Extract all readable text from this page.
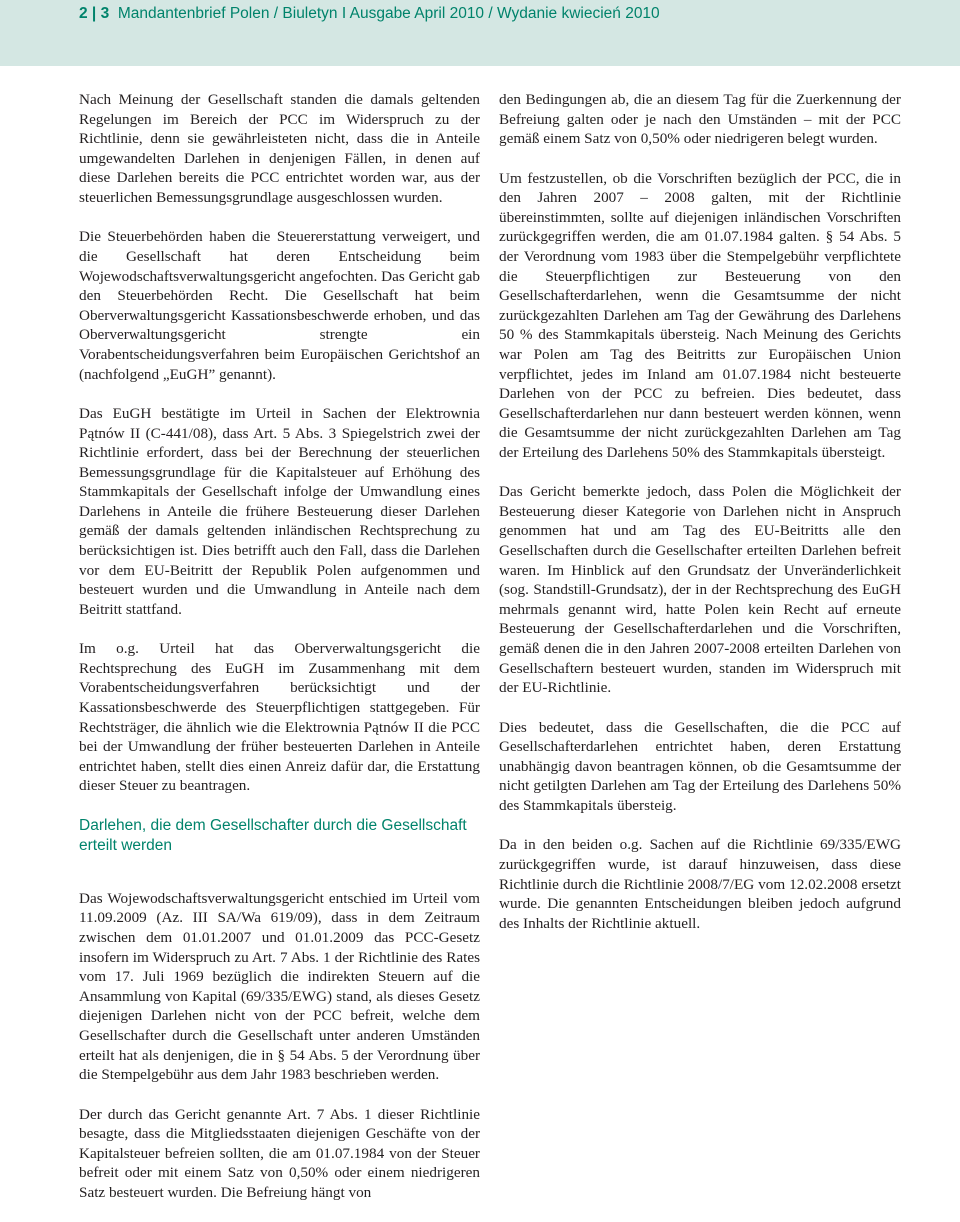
2 | 3 Mandantenbrief Polen / Biuletyn I Ausgabe April 2010 / Wydanie kwiecień 2010

Nach Meinung der Gesellschaft standen die damals geltenden Regelungen im Bereich der PCC im Widerspruch zu der Richtlinie, denn sie gewährleisteten nicht, dass die in Anteile umgewandelten Darlehen in denjenigen Fällen, in denen auf diese Darlehen bereits die PCC entrichtet worden war, aus der steuerlichen Bemessungsgrundlage ausgeschlossen wurden.

Die Steuerbehörden haben die Steuererstattung verweigert, und die Gesellschaft hat deren Entscheidung beim Wojewodschaftsverwaltungsgericht angefochten. Das Gericht gab den Steuerbehörden Recht. Die Gesellschaft hat beim Oberverwaltungsgericht Kassationsbeschwerde erhoben, und das Oberverwaltungsgericht strengte ein Vorabentscheidungsverfahren beim Europäischen Gerichtshof an (nachfolgend „EuGH” genannt).

Das EuGH bestätigte im Urteil in Sachen der Elektrownia Pątnów II (C-441/08), dass Art. 5 Abs. 3 Spiegelstrich zwei der Richtlinie erfordert, dass bei der Berechnung der steuerlichen Bemessungsgrundlage für die Kapitalsteuer auf Erhöhung des Stammkapitals der Gesellschaft infolge der Umwandlung eines Darlehens in Anteile die frühere Besteuerung dieser Darlehen gemäß der damals geltenden inländischen Rechtsprechung zu berücksichtigen ist. Dies betrifft auch den Fall, dass die Darlehen vor dem EU-Beitritt der Republik Polen aufgenommen und besteuert wurden und die Umwandlung in Anteile nach dem Beitritt stattfand.

Im o.g. Urteil hat das Oberverwaltungsgericht die Rechtsprechung des EuGH im Zusammenhang mit dem Vorabentscheidungsverfahren berücksichtigt und der Kassationsbeschwerde des Steuerpflichtigen stattgegeben. Für Rechtsträger, die ähnlich wie die Elektrownia Pątnów II die PCC bei der Umwandlung der früher besteuerten Darlehen in Anteile entrichtet haben, stellt dies einen Anreiz dafür dar, die Erstattung dieser Steuer zu beantragen.

Darlehen, die dem Gesellschafter durch die Gesellschaft erteilt werden

Das Wojewodschaftsverwaltungsgericht entschied im Urteil vom 11.09.2009 (Az. III SA/Wa 619/09), dass in dem Zeitraum zwischen dem 01.01.2007 und 01.01.2009 das PCC-Gesetz insofern im Widerspruch zu Art. 7 Abs. 1 der Richtlinie des Rates vom 17. Juli 1969 bezüglich die indirekten Steuern auf die Ansammlung von Kapital (69/335/EWG) stand, als dieses Gesetz diejenigen Darlehen nicht von der PCC befreit, welche dem Gesellschafter durch die Gesellschaft unter anderen Umständen erteilt hat als denjenigen, die in § 54 Abs. 5 der Verordnung über die Stempelgebühr aus dem Jahr 1983 beschrieben werden.

Der durch das Gericht genannte Art. 7 Abs. 1 dieser Richtlinie besagte, dass die Mitgliedsstaaten diejenigen Geschäfte von der Kapitalsteuer befreien sollten, die am 01.07.1984 von der Steuer befreit oder mit einem Satz von 0,50% oder einem niedrigeren Satz besteuert wurden. Die Befreiung hängt von

den Bedingungen ab, die an diesem Tag für die Zuerkennung der Befreiung galten oder je nach den Umständen – mit der PCC gemäß einem Satz von 0,50% oder niedrigeren belegt wurden.

Um festzustellen, ob die Vorschriften bezüglich der PCC, die in den Jahren 2007 – 2008 galten, mit der Richtlinie übereinstimmten, sollte auf diejenigen inländischen Vorschriften zurückgegriffen werden, die am 01.07.1984 galten. § 54 Abs. 5 der Verordnung vom 1983 über die Stempelgebühr verpflichtete die Steuerpflichtigen zur Besteuerung von den Gesellschafterdarlehen, wenn die Gesamtsumme der nicht zurückgezahlten Darlehen am Tag der Gewährung des Darlehens 50 % des Stammkapitals übersteig. Nach Meinung des Gerichts war Polen am Tag des Beitritts zur Europäischen Union verpflichtet, jedes im Inland am 01.07.1984 nicht besteuerte Darlehen von der PCC zu befreien. Dies bedeutet, dass Gesellschafterdarlehen nur dann besteuert werden können, wenn die Gesamtsumme der nicht zurückgezahlten Darlehen am Tag der Erteilung des Darlehens 50% des Stammkapitals übersteigt.

Das Gericht bemerkte jedoch, dass Polen die Möglichkeit der Besteuerung dieser Kategorie von Darlehen nicht in Anspruch genommen hat und am Tag des EU-Beitritts alle den Gesellschaften durch die Gesellschafter erteilten Darlehen befreit waren. Im Hinblick auf den Grundsatz der Unveränderlichkeit (sog. Standstill-Grundsatz), der in der Rechtsprechung des EuGH mehrmals genannt wird, hatte Polen kein Recht auf erneute Besteuerung der Gesellschafterdarlehen und die Vorschriften, gemäß denen die in den Jahren 2007-2008 erteilten Darlehen von Gesellschaftern besteuert wurden, standen im Widerspruch mit der EU-Richtlinie.

Dies bedeutet, dass die Gesellschaften, die die PCC auf Gesellschafterdarlehen entrichtet haben, deren Erstattung unabhängig davon beantragen können, ob die Gesamtsumme der nicht getilgten Darlehen am Tag der Erteilung des Darlehens 50% des Stammkapitals übersteig.

Da in den beiden o.g. Sachen auf die Richtlinie 69/335/EWG zurückgegriffen wurde, ist darauf hinzuweisen, dass diese Richtlinie durch die Richtlinie 2008/7/EG vom 12.02.2008 ersetzt wurde. Die genannten Entscheidungen bleiben jedoch aufgrund des Inhalts der Richtlinie aktuell.
